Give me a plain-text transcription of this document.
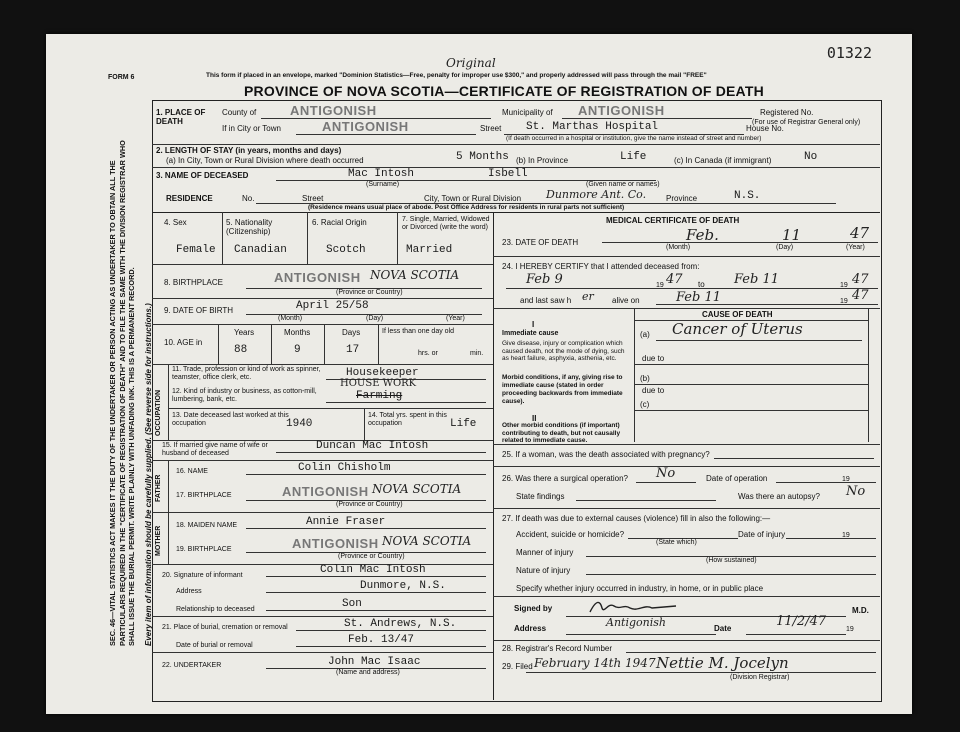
01322
FORM 6	This form if placed in an envelope, marked "Dominion Statistics—Free, penalty for improper use $300," and properly addressed will pass through the mail "FREE"
Original
PROVINCE OF NOVA SCOTIA—CERTIFICATE OF REGISTRATION OF DEATH
SEC. 46—VITAL STATISTICS ACT MAKES IT THE DUTY OF THE UNDERTAKER OR PERSON ACTING AS UNDERTAKER TO OBTAIN ALL THE PARTICULARS REQUIRED IN THE "CERTIFICATE OF REGISTRATION OF DEATH" AND TO FILE THE SAME WITH THE DIVISION REGISTRAR WHO SHALL ISSUE THE BURIAL PERMIT. WRITE PLAINLY WITH UNFADING INK. THIS IS A PERMANENT RECORD. Every item of information should be carefully supplied. (See reverse side for instructions.)
1. PLACE OF DEATH
County of	ANTIGONISH	Municipality of ANTIGONISH	Registered No.
(For use of Registrar General only)
If in City or Town	ANTIGONISH	Street St. Marthas Hospital	House No.
(If death occurred in a hospital or institution, give the name instead of street and number)
2. LENGTH OF STAY (in years, months and days)
(a) In City, Town or Rural Division where death occurred	5 Months (b) In Province	Life	(c) In Canada (if immigrant)	No
3. NAME OF DECEASED	Mac Intosh	Isbell
(Surname)	(Given name or names)
RESIDENCE	No.	Street	City, Town or Rural Division Dunmore Ant. Co. Province	N.S.
(Residence means usual place of abode. Post Office Address for residents in rural parts not sufficient)
4. Sex
Female
5. Nationality (Citizenship)
Canadian
6. Racial Origin
Scotch
7. Single, Married, Widowed or Divorced (write the word)
Married
8. BIRTHPLACE	ANTIGONISH NOVA SCOTIA
(Province or Country)
9. DATE OF BIRTH	April 25/58
(Month)	(Day)	(Year)
10. AGE in
Years	Months	Days
88	9	17
If less than one day old
hrs. or	min.
OCCUPATION
11. Trade, profession or kind of work as spinner, teamster, office clerk, etc.	Housekeeper
12. Kind of industry or business, as cotton-mill, lumbering, bank, etc.
HOUSE WORK
Farming
13. Date deceased last worked at this occupation	1940
14. Total yrs. spent in this occupation	Life
15. If married give name of wife or husband of deceased
Duncan Mac Intosh
FATHER
16. NAME	Colin Chisholm
17. BIRTHPLACE	ANTIGONISH NOVA SCOTIA
(Province or Country)
MOTHER
18. MAIDEN NAME	Annie Fraser
19. BIRTHPLACE	ANTIGONISH NOVA SCOTIA
(Province or Country)
20. Signature of informant	Colin Mac Intosh
Address	Dunmore, N.S.
Relationship to deceased	Son
21. Place of burial, cremation or removal	St. Andrews, N.S.
Date of burial or removal	Feb. 13/47
22. UNDERTAKER	John Mac Isaac
(Name and address)
MEDICAL CERTIFICATE OF DEATH
23. DATE OF DEATH	Feb.	11	47
(Month)	(Day)	(Year)
24. I HEREBY CERTIFY that I attended deceased from:
Feb 9	19 47 to Feb 11	19 47
and last saw h er alive on	Feb 11	19 47
CAUSE OF DEATH
I
Immediate cause
Give disease, injury or complication which caused death, not the mode of dying, such as heart failure, asphyxia, asthenia, etc.
(a) Cancer of Uterus
due to
Morbid conditions, if any, giving rise to immediate cause (stated in order proceeding backwards from immediate cause).
(b)
due to
(c)
II
Other morbid conditions (if important) contributing to death, but not causally related to immediate cause.
25. If a woman, was the death associated with pregnancy?
26. Was there a surgical operation? No	Date of operation	19
State findings	Was there an autopsy? No
27. If death was due to external causes (violence) fill in also the following:—
Accident, suicide or homicide?
(State which)
Date of injury	19
Manner of injury
(How sustained)
Nature of injury
Specify whether injury occurred in industry, in home, or in public place
Signed by	M.D.
Address	Antigonish	Date	11/2/47
19
28. Registrar's Record Number
29. Filed February 14th 1947 Nettie M. Jocelyn
(Division Registrar)
